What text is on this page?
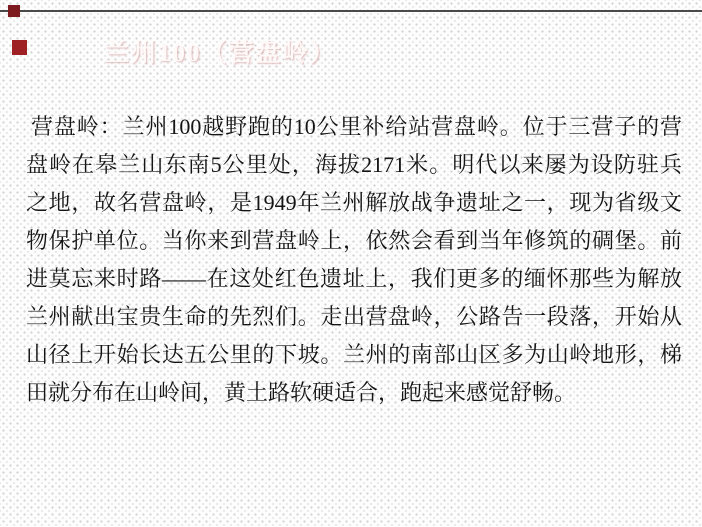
兰州100（营盘岭）
营盘岭：兰州100越野跑的10公里补给站营盘岭。位于三营子的营
盘岭在皋兰山东南5公里处，海拔2171米。明代以来屡为设防驻兵
之地，故名营盘岭，是1949年兰州解放战争遗址之一，现为省级文
物保护单位。当你来到营盘岭上，依然会看到当年修筑的碉堡。前
进莫忘来时路——在这处红色遗址上，我们更多的缅怀那些为解放
兰州献出宝贵生命的先烈们。走出营盘岭，公路告一段落，开始从
山径上开始长达五公里的下坡。兰州的南部山区多为山岭地形，梯
田就分布在山岭间，黄土路软硬适合，跑起来感觉舒畅。
